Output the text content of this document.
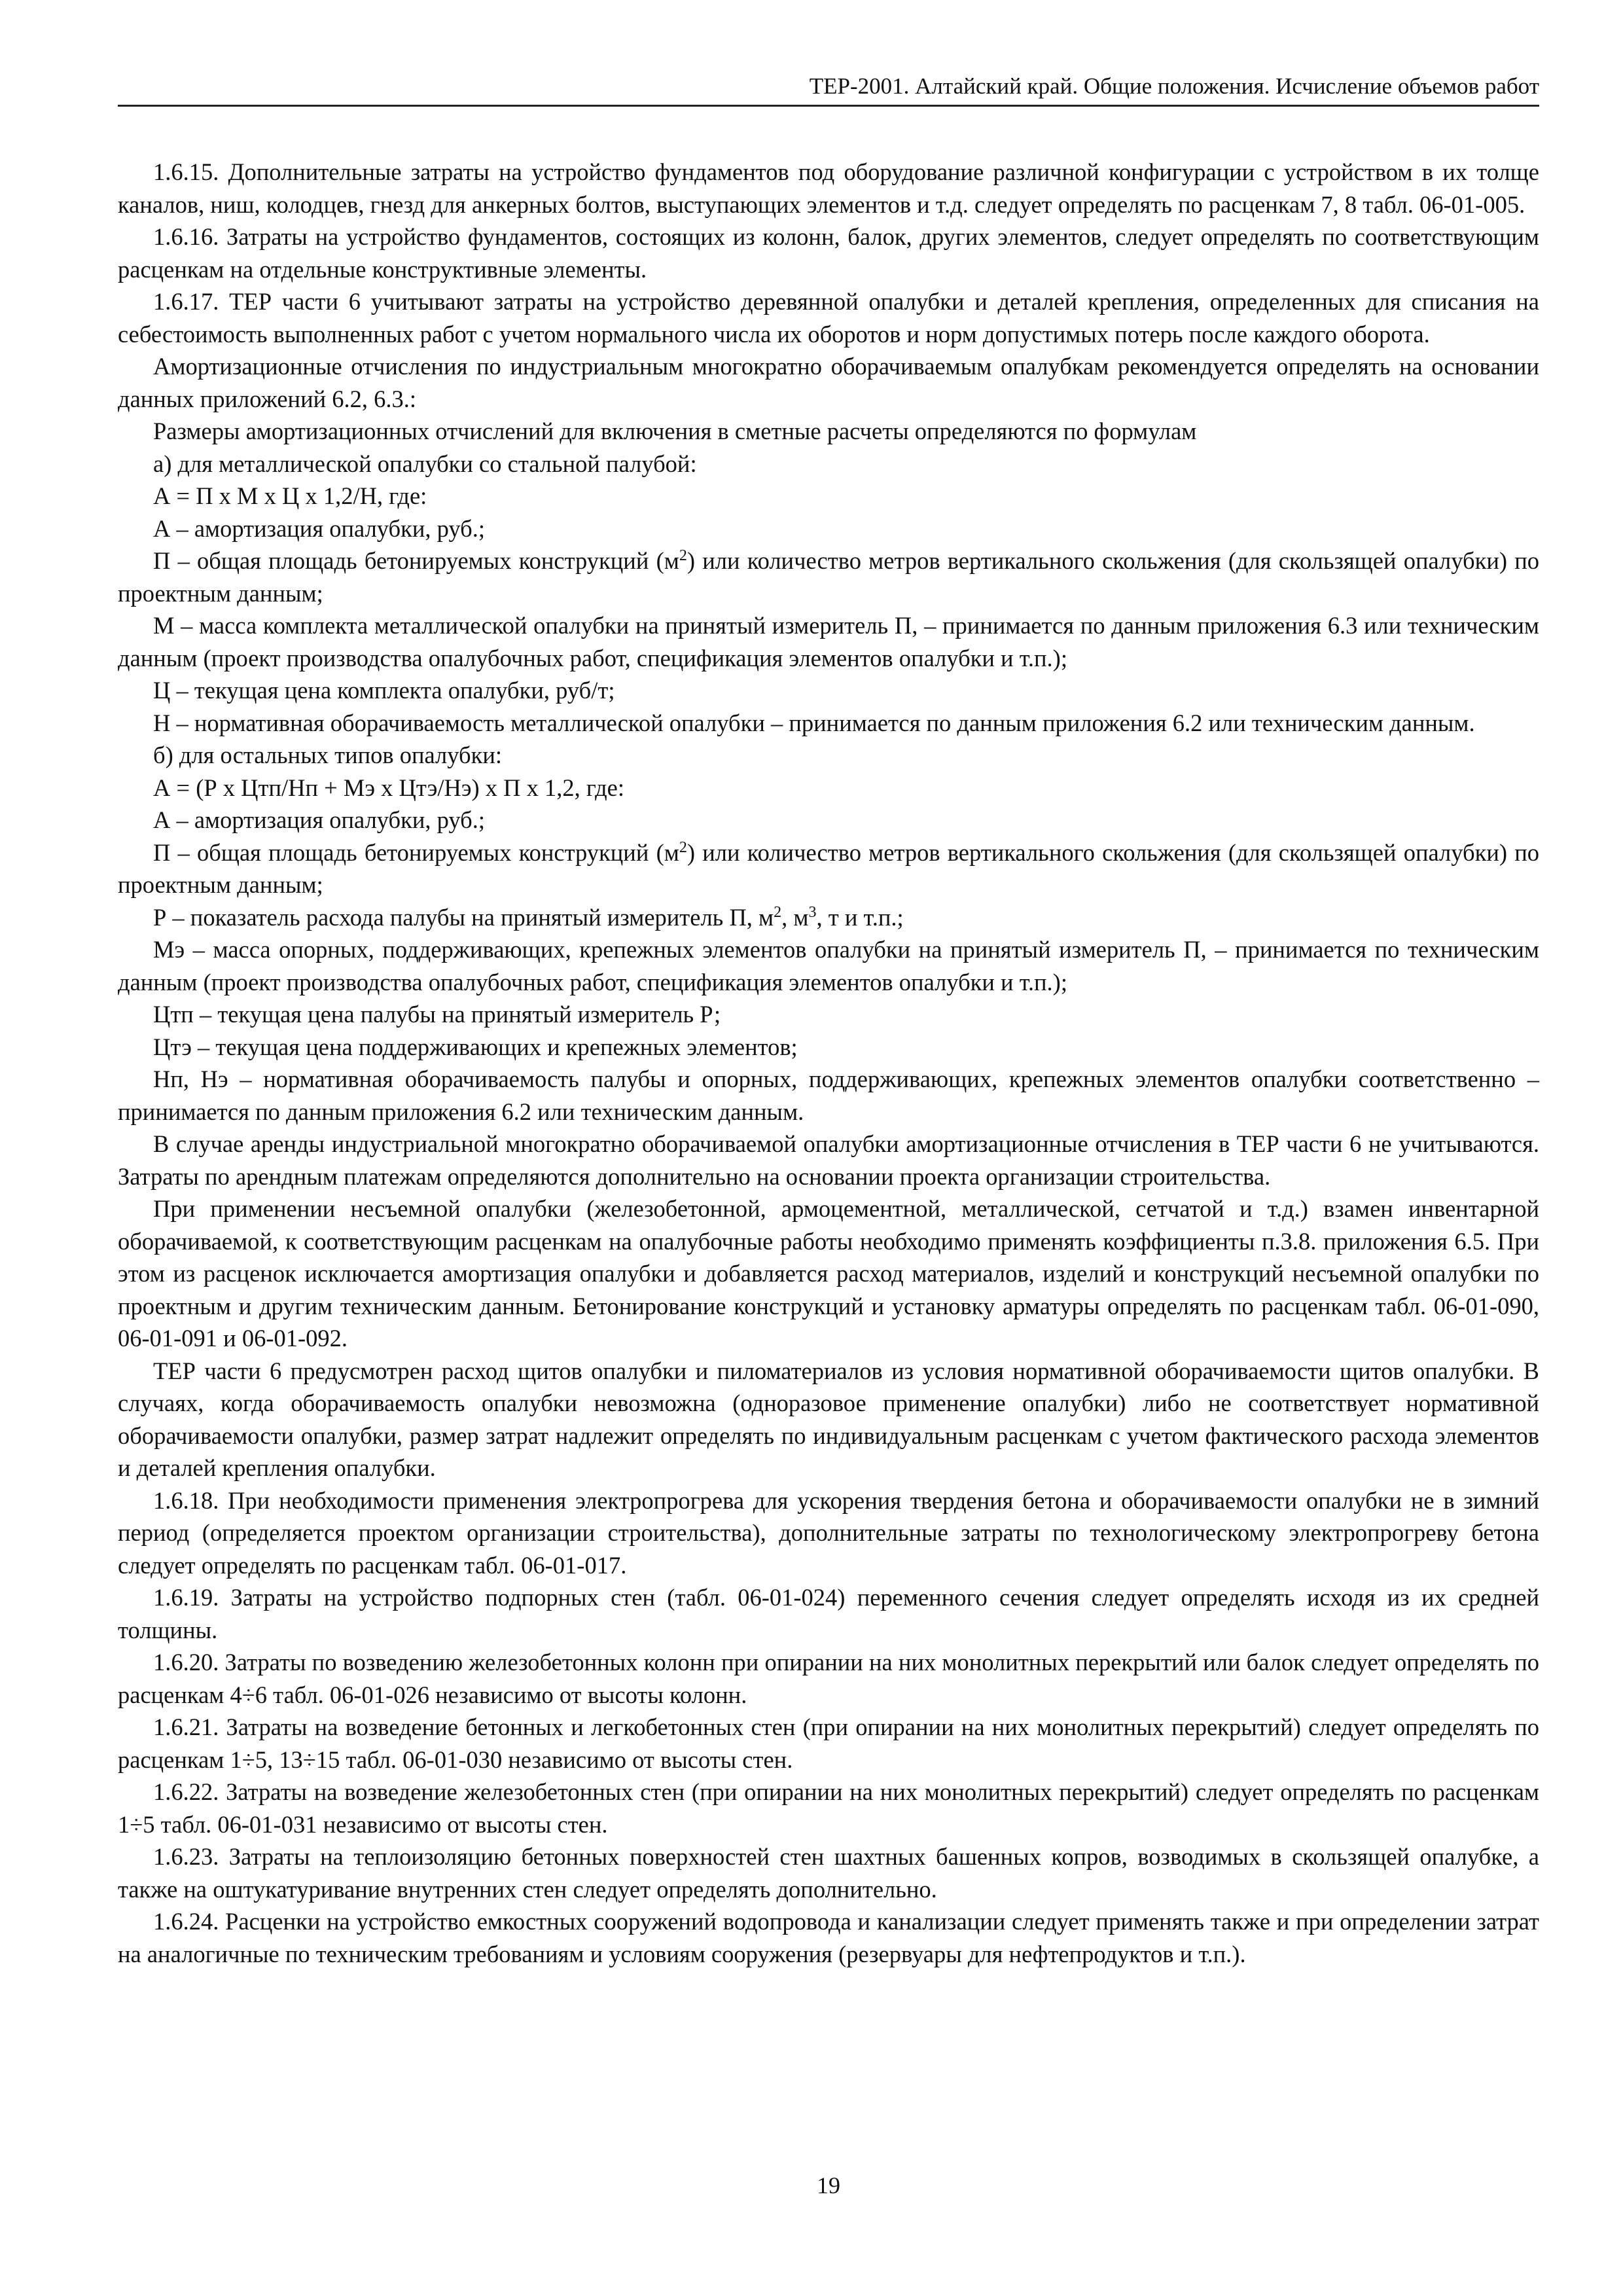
ТЕР-2001. Алтайский край. Общие положения. Исчисление объемов работ

1.6.15. Дополнительные затраты на устройство фундаментов под оборудование различной конфигурации с устройством в их толще каналов, ниш, колодцев, гнезд для анкерных болтов, выступающих элементов и т.д. следует определять по расценкам 7, 8 табл. 06-01-005.

1.6.16. Затраты на устройство фундаментов, состоящих из колонн, балок, других элементов, следует определять по соответствующим расценкам на отдельные конструктивные элементы.

1.6.17. ТЕР части 6 учитывают затраты на устройство деревянной опалубки и деталей крепления, определенных для списания на себестоимость выполненных работ с учетом нормального числа их оборотов и норм допустимых потерь после каждого оборота.

Амортизационные отчисления по индустриальным многократно оборачиваемым опалубкам рекомендуется определять на основании данных приложений 6.2, 6.3.:

Размеры амортизационных отчислений для включения в сметные расчеты определяются по формулам

а) для металлической опалубки со стальной палубой:

А = П х М х Ц х 1,2/Н, где:

А – амортизация опалубки, руб.;

П – общая площадь бетонируемых конструкций $(м^2)$ или количество метров вертикального скольжения (для скользящей опалубки) по проектным данным;

М – масса комплекта металлической опалубки на принятый измеритель П, – принимается по данным приложения 6.3 или техническим данным (проект производства опалубочных работ, спецификация элементов опалубки и т.п.);

Ц – текущая цена комплекта опалубки, руб/т;

Н – нормативная оборачиваемость металлической опалубки – принимается по данным приложения 6.2 или техническим данным.

б) для остальных типов опалубки:

А = (Р х Цтп/Нп + Мэ х Цтэ/Нэ) х П х 1,2, где:

А – амортизация опалубки, руб.;

П – общая площадь бетонируемых конструкций $(м^2)$ или количество метров вертикального скольжения (для скользящей опалубки) по проектным данным;

Р – показатель расхода палубы на принятый измеритель П, $м^2$, $м^3$, т и т.п.;

Мэ – масса опорных, поддерживающих, крепежных элементов опалубки на принятый измеритель П, – принимается по техническим данным (проект производства опалубочных работ, спецификация элементов опалубки и т.п.);

Цтп – текущая цена палубы на принятый измеритель Р;

Цтэ – текущая цена поддерживающих и крепежных элементов;

Нп, Нэ – нормативная оборачиваемость палубы и опорных, поддерживающих, крепежных элементов опалубки соответственно – принимается по данным приложения 6.2 или техническим данным.

В случае аренды индустриальной многократно оборачиваемой опалубки амортизационные отчисления в ТЕР части 6 не учитываются. Затраты по арендным платежам определяются дополнительно на основании проекта организации строительства.

При применении несъемной опалубки (железобетонной, армоцементной, металлической, сетчатой и т.д.) взамен инвентарной оборачиваемой, к соответствующим расценкам на опалубочные работы необходимо применять коэффициенты п.3.8. приложения 6.5. При этом из расценок исключается амортизация опалубки и добавляется расход материалов, изделий и конструкций несъемной опалубки по проектным и другим техническим данным. Бетонирование конструкций и установку арматуры определять по расценкам табл. 06-01-090, 06-01-091 и 06-01-092.

ТЕР части 6 предусмотрен расход щитов опалубки и пиломатериалов из условия нормативной оборачиваемости щитов опалубки. В случаях, когда оборачиваемость опалубки невозможна (одноразовое применение опалубки) либо не соответствует нормативной оборачиваемости опалубки, размер затрат надлежит определять по индивидуальным расценкам с учетом фактического расхода элементов и деталей крепления опалубки.

1.6.18. При необходимости применения электропрогрева для ускорения твердения бетона и оборачиваемости опалубки не в зимний период (определяется проектом организации строительства), дополнительные затраты по технологическому электропрогреву бетона следует определять по расценкам табл. 06-01-017.

1.6.19. Затраты на устройство подпорных стен (табл. 06-01-024) переменного сечения следует определять исходя из их средней толщины.

1.6.20. Затраты по возведению железобетонных колонн при опирании на них монолитных перекрытий или балок следует определять по расценкам 4÷6 табл. 06-01-026 независимо от высоты колонн.

1.6.21. Затраты на возведение бетонных и легкобетонных стен (при опирании на них монолитных перекрытий) следует определять по расценкам 1÷5, 13÷15 табл. 06-01-030 независимо от высоты стен.

1.6.22. Затраты на возведение железобетонных стен (при опирании на них монолитных перекрытий) следует определять по расценкам 1÷5 табл. 06-01-031 независимо от высоты стен.

1.6.23. Затраты на теплоизоляцию бетонных поверхностей стен шахтных башенных копров, возводимых в скользящей опалубке, а также на оштукатуривание внутренних стен следует определять дополнительно.

1.6.24. Расценки на устройство емкостных сооружений водопровода и канализации следует применять также и при определении затрат на аналогичные по техническим требованиям и условиям сооружения (резервуары для нефтепродуктов и т.п.).

19
